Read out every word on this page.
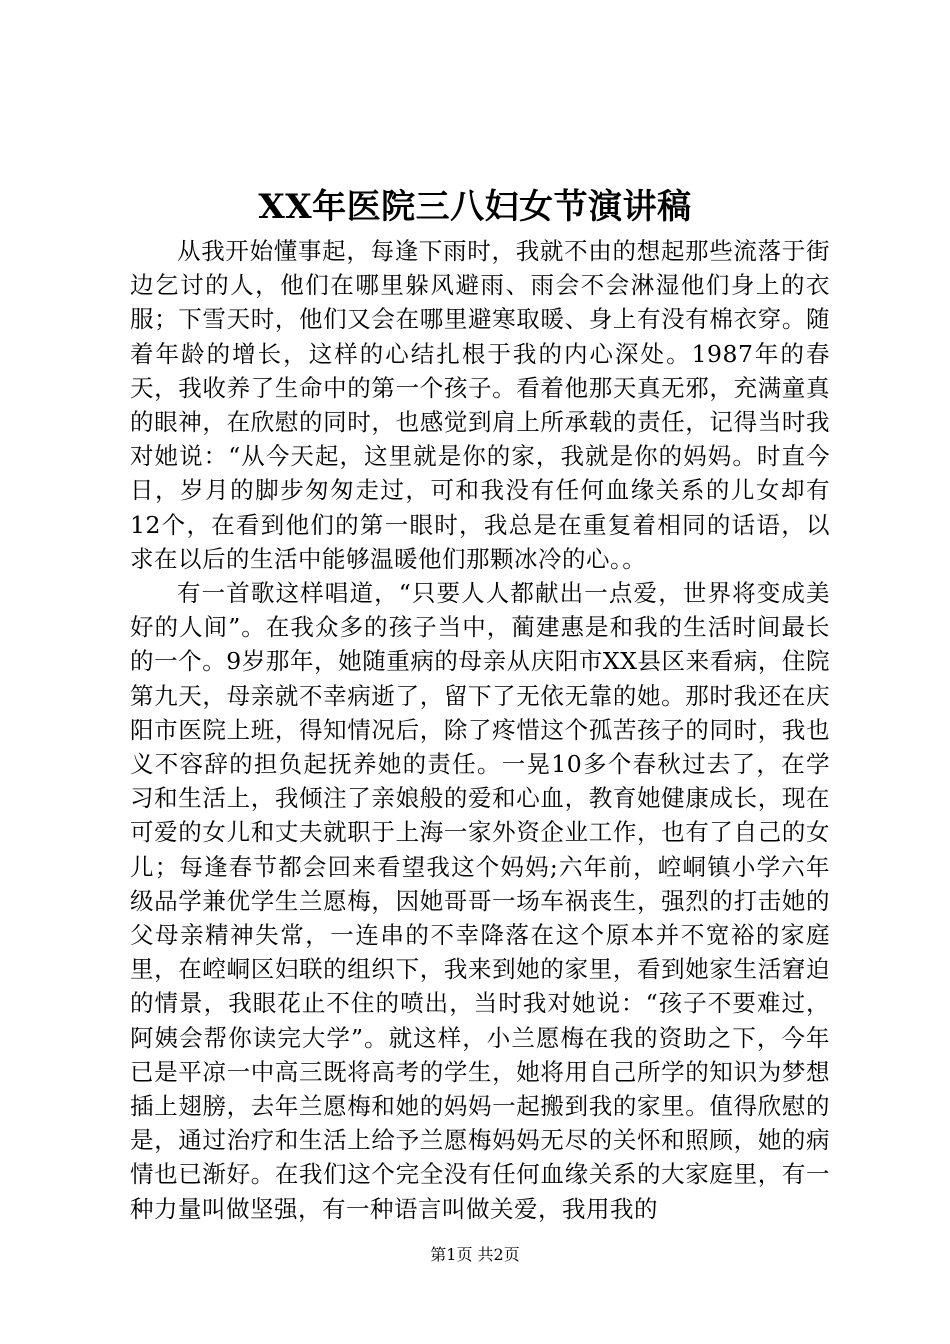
XX年医院三八妇女节演讲稿

从我开始懂事起，每逢下雨时，我就不由的想起那些流落于街边乞讨的人，他们在哪里躲风避雨、雨会不会淋湿他们身上的衣服；下雪天时，他们又会在哪里避寒取暖、身上有没有棉衣穿。随着年龄的增长，这样的心结扎根于我的内心深处。1987年的春天，我收养了生命中的第一个孩子。看着他那天真无邪，充满童真的眼神，在欣慰的同时，也感觉到肩上所承载的责任，记得当时我对她说：“从今天起，这里就是你的家，我就是你的妈妈。时直今日，岁月的脚步匆匆走过，可和我没有任何血缘关系的儿女却有12个，在看到他们的第一眼时，我总是在重复着相同的话语，以求在以后的生活中能够温暖他们那颗冰冷的心。。

有一首歌这样唱道，“只要人人都献出一点爱，世界将变成美好的人间”。在我众多的孩子当中，蔺建惠是和我的生活时间最长的一个。9岁那年，她随重病的母亲从庆阳市XX县区来看病，住院第九天，母亲就不幸病逝了，留下了无依无靠的她。那时我还在庆阳市医院上班，得知情况后，除了疼惜这个孤苦孩子的同时，我也义不容辞的担负起抚养她的责任。一晃10多个春秋过去了，在学习和生活上，我倾注了亲娘般的爱和心血，教育她健康成长，现在可爱的女儿和丈夫就职于上海一家外资企业工作，也有了自己的女儿；每逢春节都会回来看望我这个妈妈;六年前，崆峒镇小学六年级品学兼优学生兰愿梅，因她哥哥一场车祸丧生，强烈的打击她的父母亲精神失常，一连串的不幸降落在这个原本并不宽裕的家庭里，在崆峒区妇联的组织下，我来到她的家里，看到她家生活窘迫的情景，我眼花止不住的喷出，当时我对她说：“孩子不要难过，阿姨会帮你读完大学”。就这样，小兰愿梅在我的资助之下，今年已是平凉一中高三既将高考的学生，她将用自己所学的知识为梦想插上翅膀，去年兰愿梅和她的妈妈一起搬到我的家里。值得欣慰的是，通过治疗和生活上给予兰愿梅妈妈无尽的关怀和照顾，她的病情也已渐好。在我们这个完全没有任何血缘关系的大家庭里，有一种力量叫做坚强，有一种语言叫做关爱，我用我的

第1页 共2页
